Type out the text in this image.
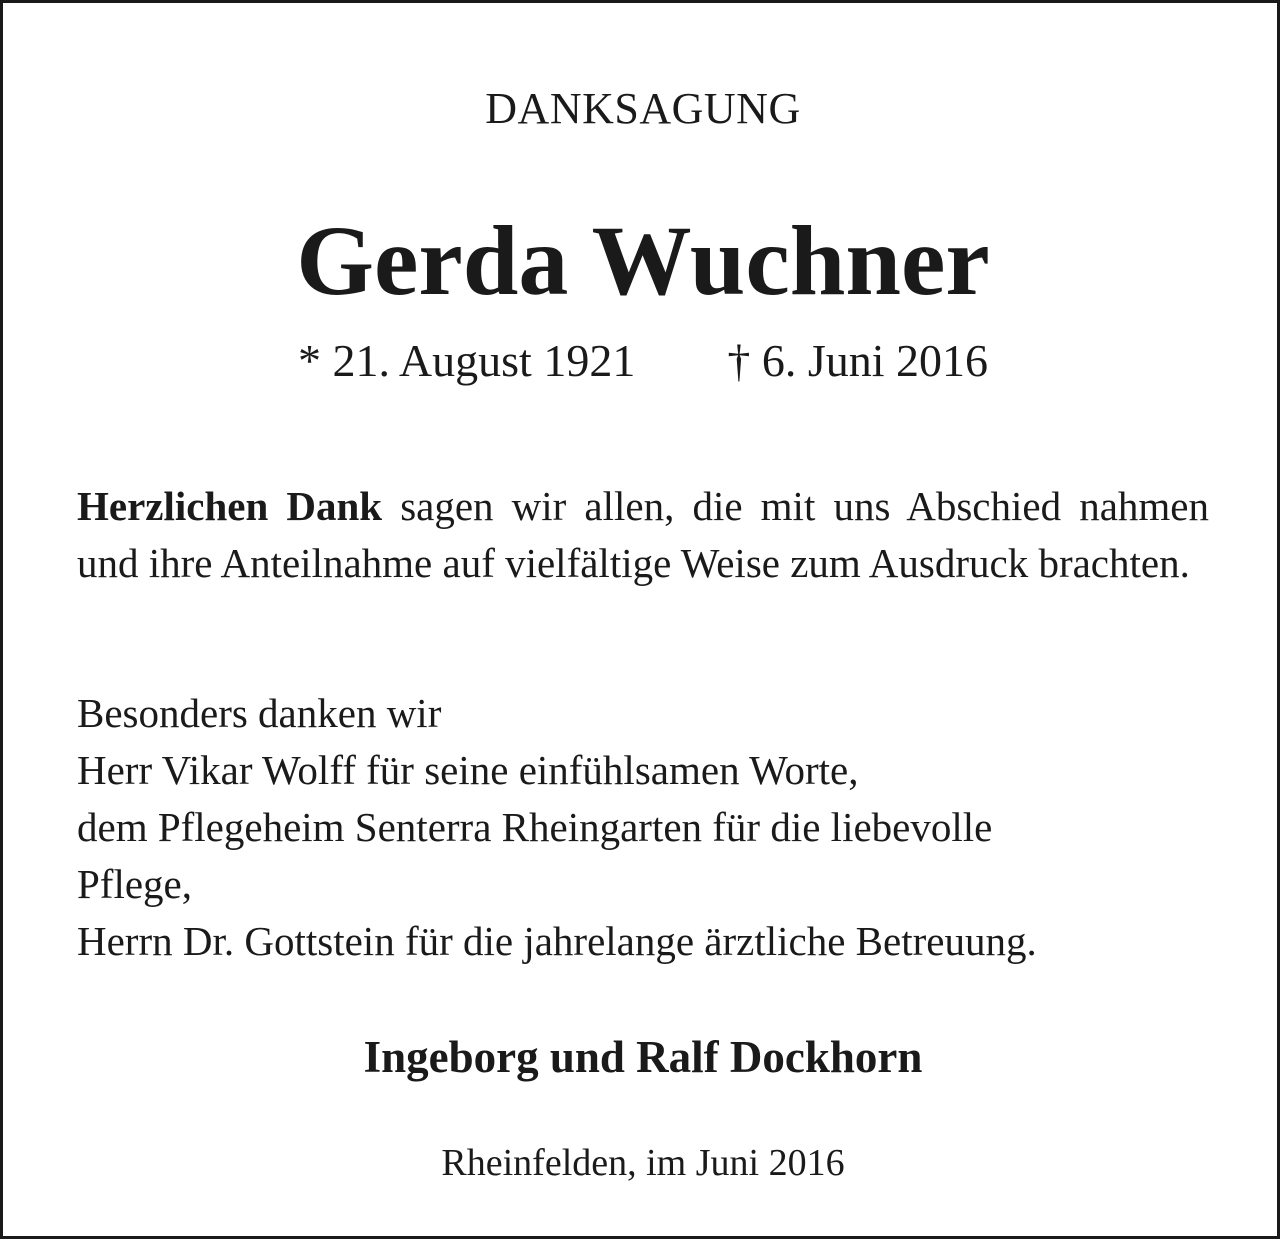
DANKSAGUNG
Gerda Wuchner
* 21. August 1921 † 6. Juni 2016
Herzlichen Dank sagen wir allen, die mit uns Abschied nahmen und ihre Anteilnahme auf vielfältige Weise zum Ausdruck brachten.
Besonders danken wir
Herr Vikar Wolff für seine einfühlsamen Worte,
dem Pflegeheim Senterra Rheingarten für die liebevolle
Pflege,
Herrn Dr. Gottstein für die jahrelange ärztliche Betreuung.
Ingeborg und Ralf Dockhorn
Rheinfelden, im Juni 2016
